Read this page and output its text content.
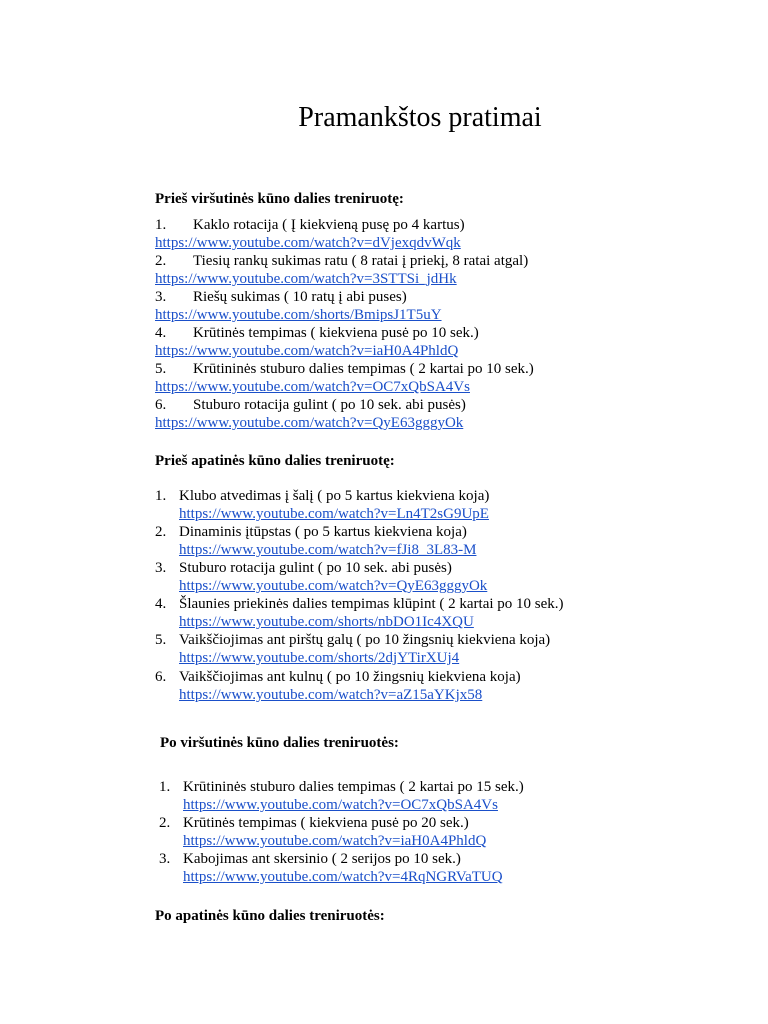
Pramankštos pratimai
Prieš viršutinės kūno dalies treniruotę:
1. Kaklo rotacija ( Į kiekvieną pusę po 4 kartus)
https://www.youtube.com/watch?v=dVjexqdvWqk
2. Tiesių rankų sukimas ratu ( 8 ratai į priekį, 8 ratai atgal)
https://www.youtube.com/watch?v=3STTSi_jdHk
3. Riešų sukimas ( 10 ratų į abi puses)
https://www.youtube.com/shorts/BmipsJ1T5uY
4. Krūtinės tempimas ( kiekviena pusė po 10 sek.)
https://www.youtube.com/watch?v=iaH0A4PhldQ
5. Krūtininės stuburo dalies tempimas ( 2 kartai po 10 sek.)
https://www.youtube.com/watch?v=OC7xQbSA4Vs
6. Stuburo rotacija gulint ( po 10 sek. abi pusės)
https://www.youtube.com/watch?v=QyE63gggyOk
Prieš apatinės kūno dalies treniruotę:
1. Klubo atvedimas į šalį ( po 5 kartus kiekviena koja)
https://www.youtube.com/watch?v=Ln4T2sG9UpE
2. Dinaminis įtūpstas ( po 5 kartus kiekviena koja)
https://www.youtube.com/watch?v=fJi8_3L83-M
3. Stuburo rotacija gulint ( po 10 sek. abi pusės)
https://www.youtube.com/watch?v=QyE63gggyOk
4. Šlaunies priekinės dalies tempimas klūpint ( 2 kartai po 10 sek.)
https://www.youtube.com/shorts/nbDO1Ic4XQU
5. Vaikščiojimas ant pirštų galų ( po 10 žingsnių kiekviena koja)
https://www.youtube.com/shorts/2djYTirXUj4
6. Vaikščiojimas ant kulnų ( po 10 žingsnių kiekviena koja)
https://www.youtube.com/watch?v=aZ15aYKjx58
Po viršutinės kūno dalies treniruotės:
1. Krūtininės stuburo dalies tempimas ( 2 kartai po 15 sek.)
https://www.youtube.com/watch?v=OC7xQbSA4Vs
2. Krūtinės tempimas ( kiekviena pusė po 20 sek.)
https://www.youtube.com/watch?v=iaH0A4PhldQ
3. Kabojimas ant skersinio ( 2 serijos po 10 sek.)
https://www.youtube.com/watch?v=4RqNGRVaTUQ
Po apatinės kūno dalies treniruotės:
